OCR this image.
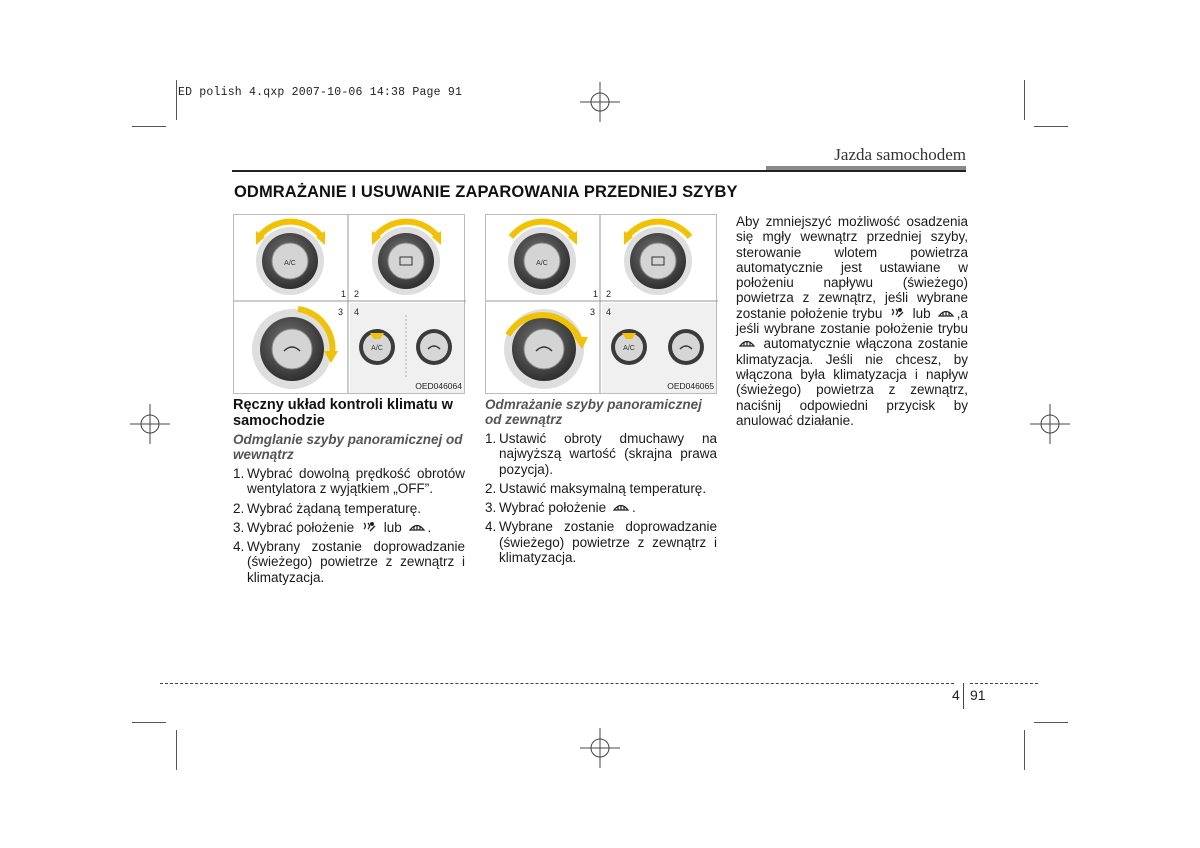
ED polish 4.qxp 2007-10-06 14:38 Page 91
Jazda samochodem
ODMRAŻANIE I USUWANIE ZAPAROWANIA PRZEDNIEJ SZYBY
A/C
A/C
1 2
3 4
OED046064
A/C
A/C
1 2
3 4
OED046065
Ręczny układ kontroli klimatu w samochodzie
Odmglanie szyby panoramicznej od wewnątrz
1. Wybrać dowolną prędkość obrotów wentylatora z wyjątkiem „OFF”.
2. Wybrać żądaną temperaturę.
3. Wybrać położenie lub .
4. Wybrany zostanie doprowadzanie (świeżego) powietrze z zewnątrz i klimatyzacja.
Odmrażanie szyby panoramicznej od zewnątrz
1. Ustawić obroty dmuchawy na najwyższą wartość (skrajna prawa pozycja).
2. Ustawić maksymalną temperaturę.
3. Wybrać położenie .
4. Wybrane zostanie doprowadzanie (świeżego) powietrze z zewnątrz i klimatyzacja.
Aby zmniejszyć możliwość osadzenia się mgły wewnątrz przedniej szyby, sterowanie wlotem powietrza automatycznie jest ustawiane w położeniu napływu (świeżego) powietrza z zewnątrz, jeśli wybrane zostanie położenie trybu lub ,a jeśli wybrane zostanie położenie trybu  automatycznie włączona zostanie klimatyzacja. Jeśli nie chcesz, by włączona była klimatyzacja i napływ (świeżego) powietrza z zewnątrz, naciśnij odpowiedni przycisk by anulować działanie.
4 91
